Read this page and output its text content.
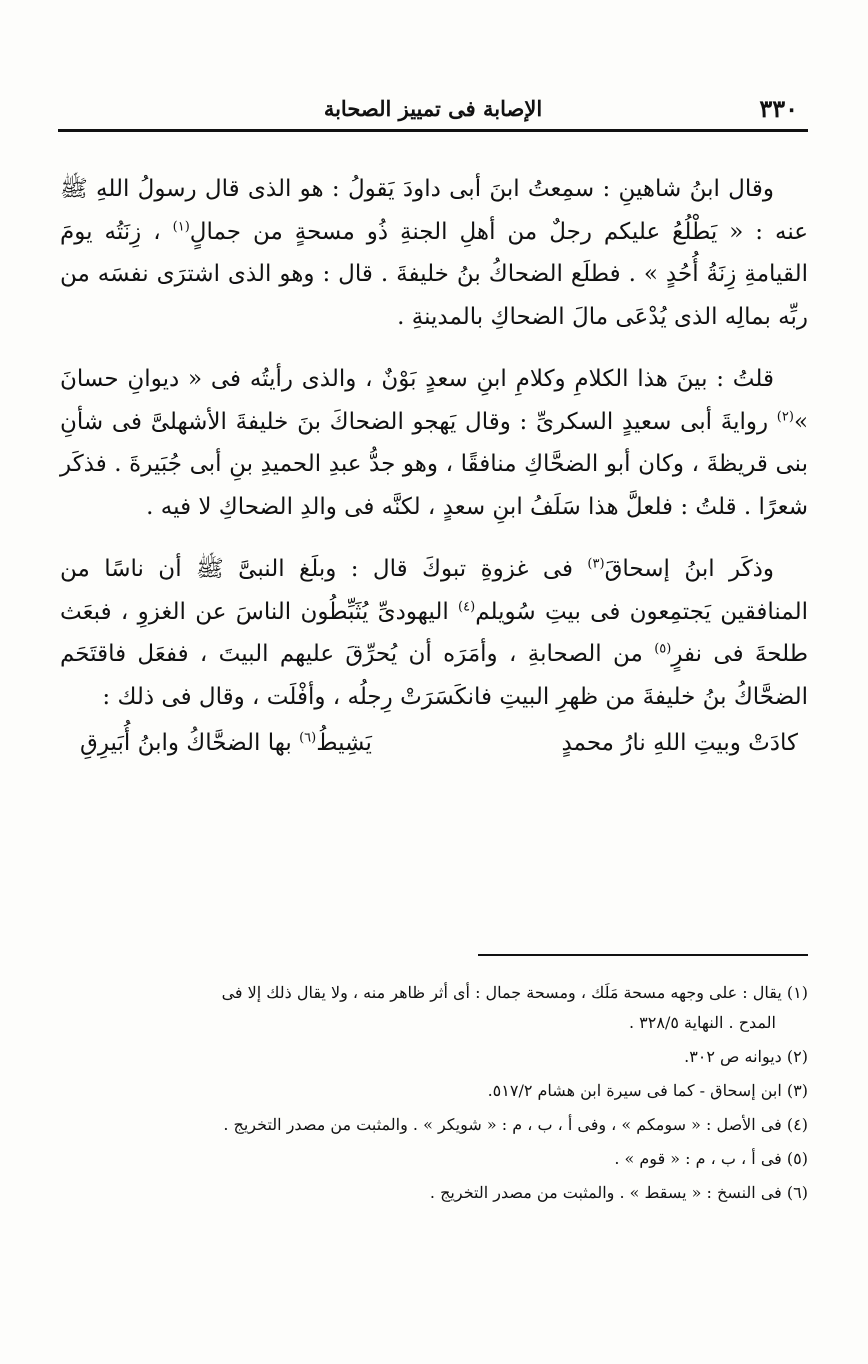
٣٣٠
الإصابة فى تمييز الصحابة

وقال ابنُ شاهينِ : سمِعتُ ابنَ أبى داودَ يَقولُ : هو الذى قال رسولُ اللهِ ﷺ عنه : « يَطْلُعُ عليكم رجلٌ من أهلِ الجنةِ ذُو مسحةٍ من جمالٍ$^{(١)}$ ، زِنَتُه يومَ القيامةِ زِنَةُ أُحُدٍ » . فطلَع الضحاكُ بنُ خليفةَ . قال : وهو الذى اشترَى نفسَه من ربِّه بمالِه الذى يُدْعَى مالَ الضحاكِ بالمدينةِ .

قلتُ : بينَ هذا الكلامِ وكلامِ ابنِ سعدٍ بَوْنٌ ، والذى رأيتُه فى « ديوانِ حسانَ »$^{(٢)}$ روايةَ أبى سعيدٍ السكرىِّ : وقال يَهجو الضحاكَ بنَ خليفةَ الأشهلىَّ فى شأنِ بنى قريظةَ ، وكان أبو الضحَّاكِ منافقًا ، وهو جدُّ عبدِ الحميدِ بنِ أبى جُبَيرةَ . فذكَر شعرًا . قلتُ : فلعلَّ هذا سَلَفُ ابنِ سعدٍ ، لكنَّه فى والدِ الضحاكِ لا فيه .

وذكَر ابنُ إسحاقَ$^{(٣)}$ فى غزوةِ تبوكَ قال : وبلَغ النبىَّ ﷺ أن ناسًا من المنافقين يَجتمِعون فى بيتِ سُويلم$^{(٤)}$ اليهودىِّ يُثَبِّطُون الناسَ عن الغزوِ ، فبعَث طلحةَ فى نفرٍ$^{(٥)}$ من الصحابةِ ، وأمَرَه أن يُحرِّقَ عليهم البيتَ ، ففعَل فاقتَحَم الضحَّاكُ بنُ خليفةَ من ظهرِ البيتِ فانكَسَرَتْ رِجلُه ، وأفْلَت ، وقال فى ذلك :

كادَتْ وبيتِ اللهِ نارُ محمدٍ
يَشِيطُ$^{(٦)}$ بها الضحَّاكُ وابنُ أُبَيرِقِ

(١) يقال : على وجهه مسحة مَلَك ، ومسحة جمال : أى أثر ظاهر منه ، ولا يقال ذلك إلا فى
المدح . النهاية ٣٢٨/٥ .

(٢) ديوانه ص ٣٠٢.

(٣) ابن إسحاق - كما فى سيرة ابن هشام ٥١٧/٢.

(٤) فى الأصل : « سومكم » ، وفى أ ، ب ، م : « شويكر » . والمثبت من مصدر التخريج .

(٥) فى أ ، ب ، م : « قوم » .

(٦) فى النسخ : « يسقط » . والمثبت من مصدر التخريج .
